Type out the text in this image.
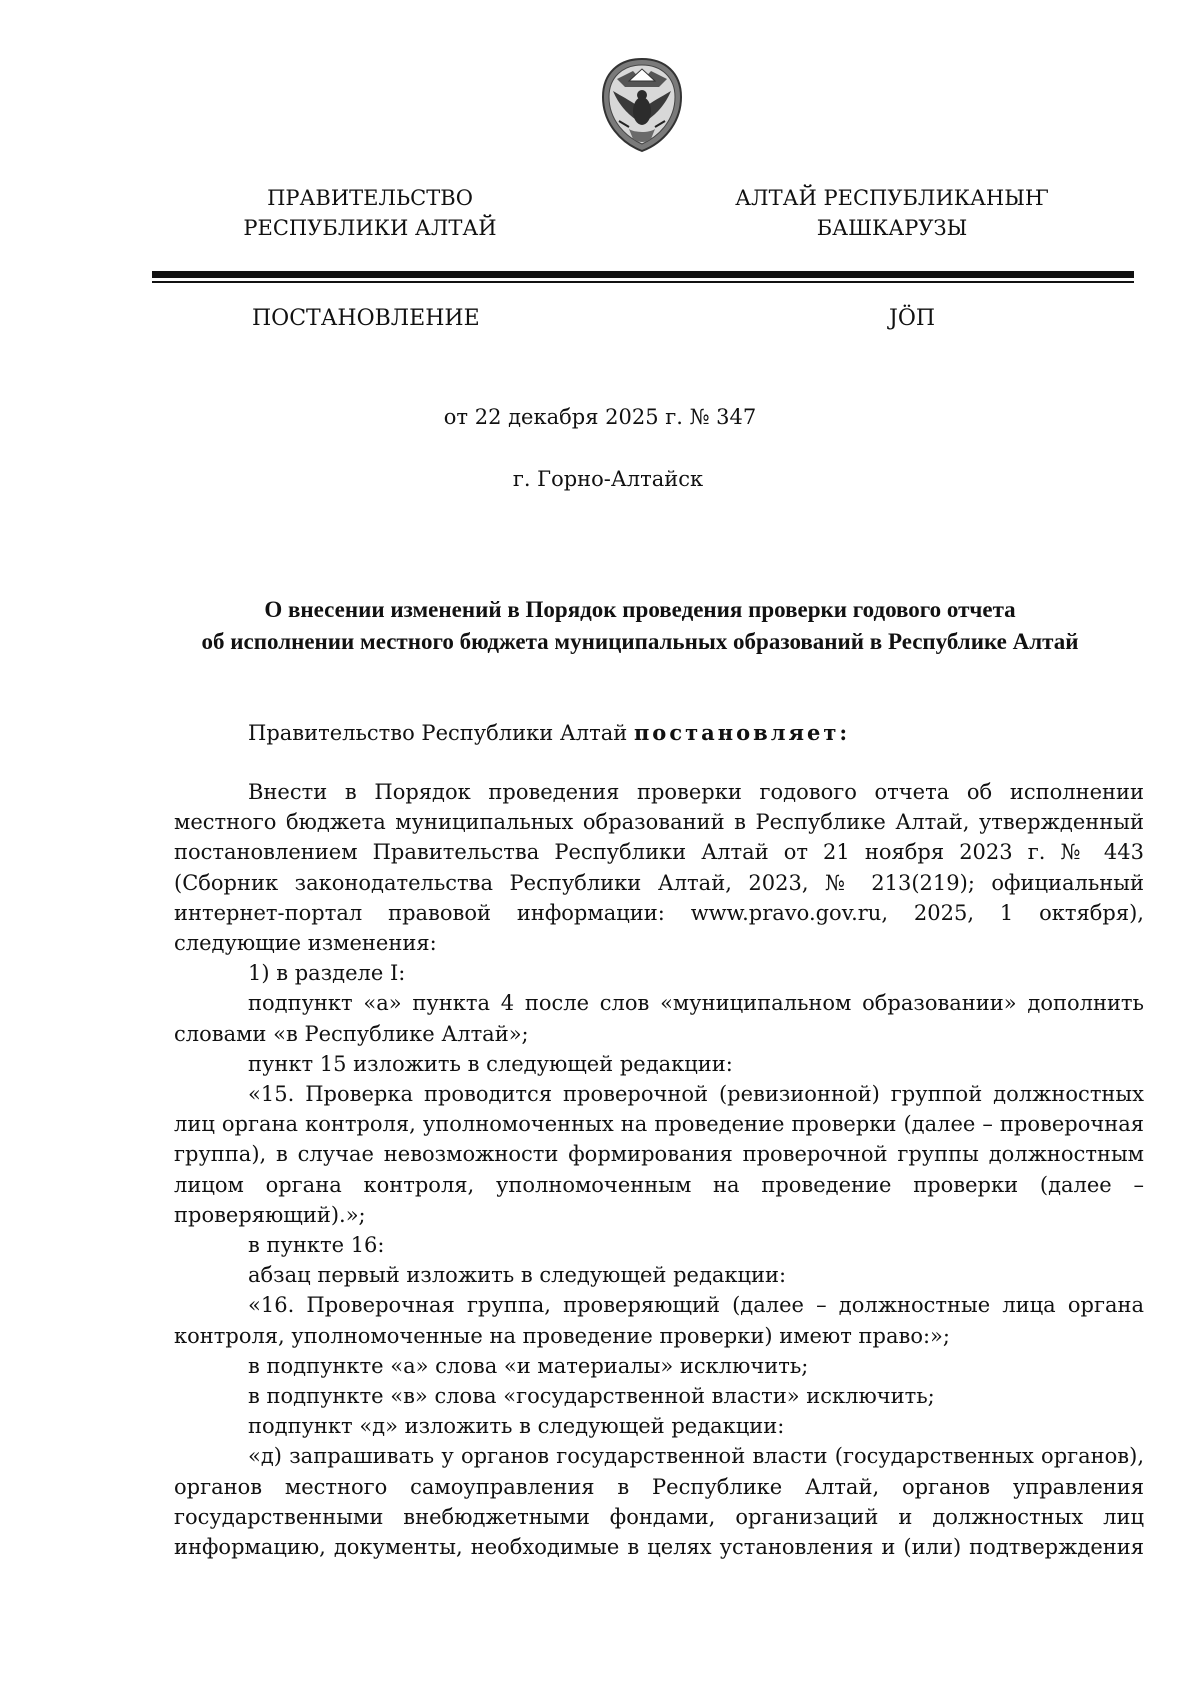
ПРАВИТЕЛЬСТВО
РЕСПУБЛИКИ АЛТАЙ
АЛТАЙ РЕСПУБЛИКАНЫҤ
БАШКАРУЗЫ
ПОСТАНОВЛЕНИЕ	JӦП
от 22 декабря 2025 г. № 347
г. Горно-Алтайск
О внесении изменений в Порядок проведения проверки годового отчета
об исполнении местного бюджета муниципальных образований в Республике Алтай
Правительство Республики Алтай постановляет:

Внести в Порядок проведения проверки годового отчета об исполнении местного бюджета муниципальных образований в Республике Алтай, утвержденный постановлением Правительства Республики Алтай от 21 ноября 2023 г. № 443 (Сборник законодательства Республики Алтай, 2023, № 213(219); официальный интернет-портал правовой информации: www.pravo.gov.ru, 2025, 1 октября), следующие изменения:

1) в разделе I:

подпункт «а» пункта 4 после слов «муниципальном образовании» дополнить словами «в Республике Алтай»;

пункт 15 изложить в следующей редакции:

«15. Проверка проводится проверочной (ревизионной) группой должностных лиц органа контроля, уполномоченных на проведение проверки (далее – проверочная группа), в случае невозможности формирования проверочной группы должностным лицом органа контроля, уполномоченным на проведение проверки (далее – проверяющий).»;

в пункте 16:

абзац первый изложить в следующей редакции:

«16. Проверочная группа, проверяющий (далее – должностные лица органа контроля, уполномоченные на проведение проверки) имеют право:»;

в подпункте «а» слова «и материалы» исключить;

в подпункте «в» слова «государственной власти» исключить;

подпункт «д» изложить в следующей редакции:

«д) запрашивать у органов государственной власти (государственных органов), органов местного самоуправления в Республике Алтай, органов управления государственными внебюджетными фондами, организаций и должностных лиц информацию, документы, необходимые в целях установления и (или) подтверждения
